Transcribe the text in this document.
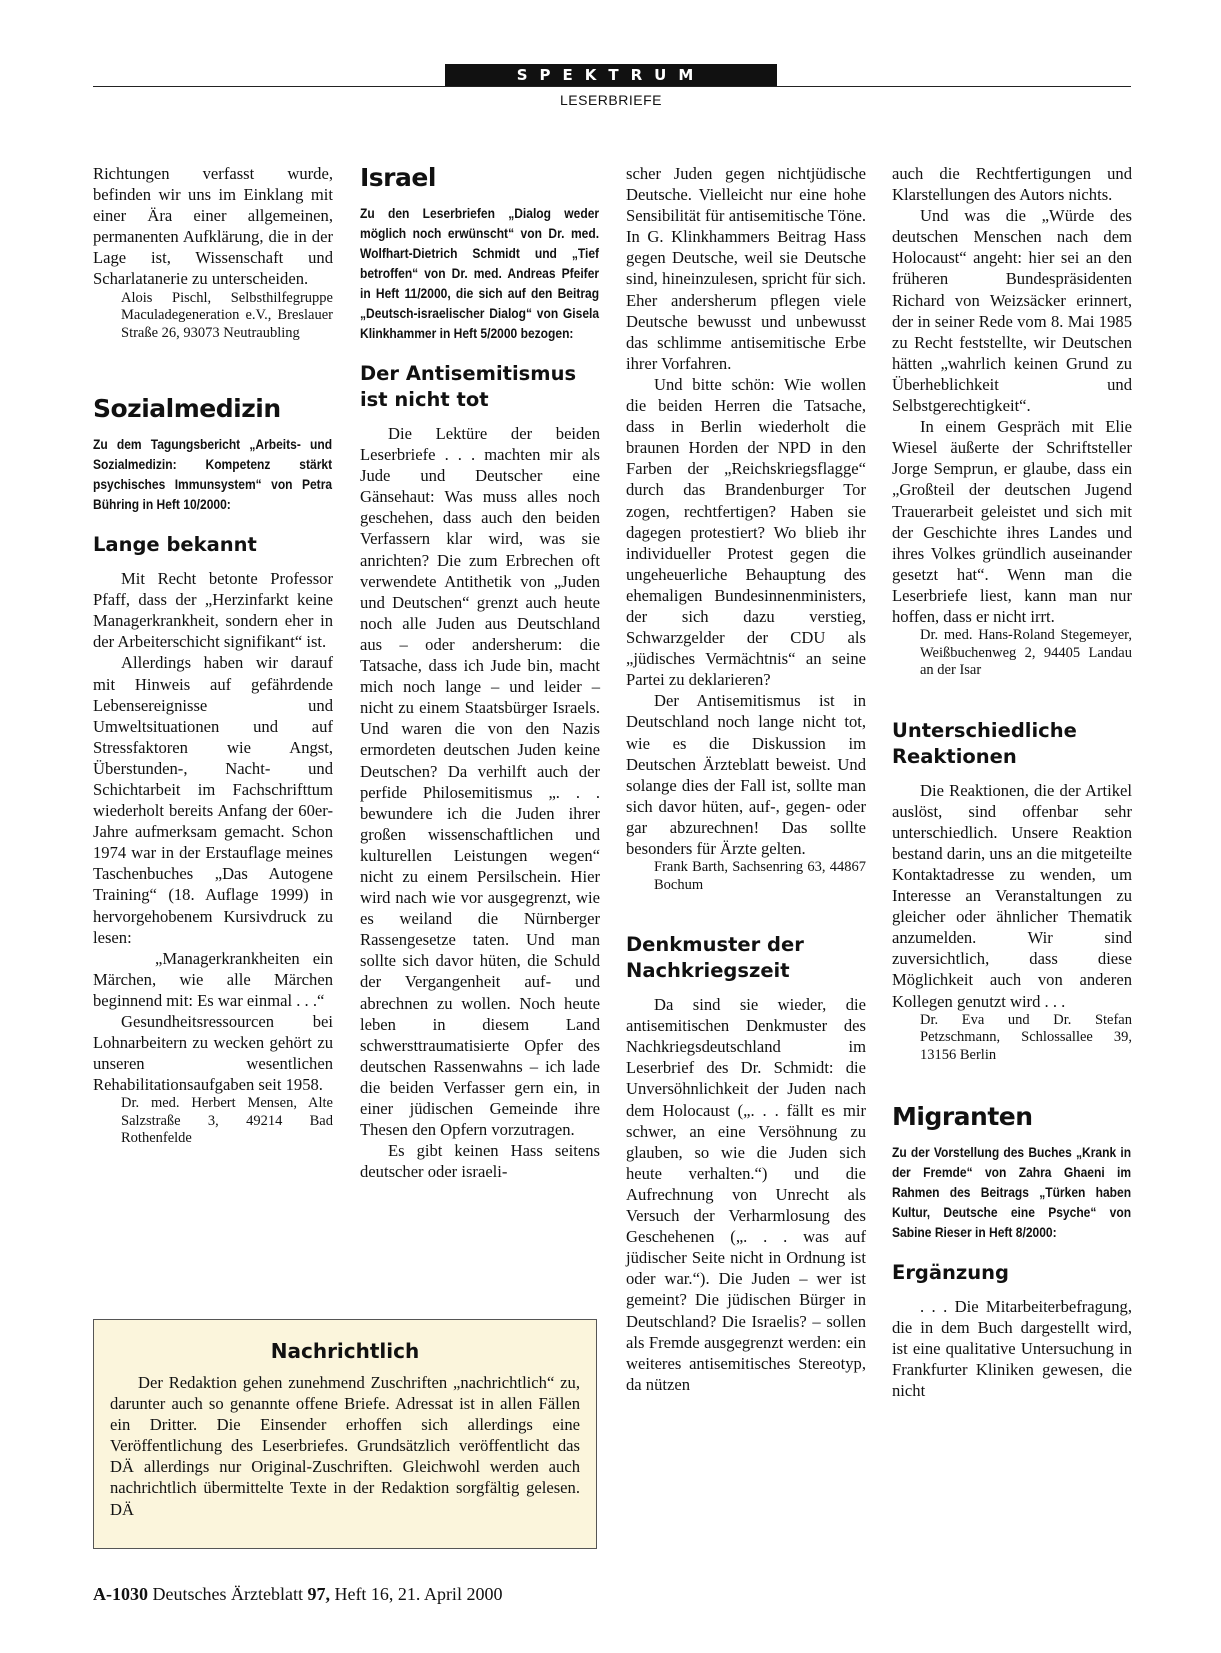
SPEKTRUM
LESERBRIEFE

Richtungen verfasst wurde, befinden wir uns im Einklang mit einer Ära einer allgemeinen, permanenten Aufklärung, die in der Lage ist, Wissenschaft und Scharlatanerie zu unterscheiden.

Alois Pischl, Selbsthilfegruppe Maculadegeneration e.V., Breslauer Straße 26, 93073 Neutraubling

Sozialmedizin
Zu dem Tagungsbericht „Arbeits- und Sozialmedizin: Kompetenz stärkt psychisches Immunsystem“ von Petra Bühring in Heft 10/2000:
Lange bekannt

Mit Recht betonte Professor Pfaff, dass der „Herzinfarkt keine Managerkrankheit, sondern eher in der Arbeiterschicht signifikant“ ist.

Allerdings haben wir darauf mit Hinweis auf gefährdende Lebensereignisse und Umweltsituationen und auf Stressfaktoren wie Angst, Überstunden-, Nacht- und Schichtarbeit im Fachschrifttum wiederholt bereits Anfang der 60er-Jahre aufmerksam gemacht. Schon 1974 war in der Erstauflage meines Taschenbuches „Das Autogene Training“ (18. Auflage 1999) in hervorgehobenem Kursivdruck zu lesen:

„Managerkrankheiten ein Märchen, wie alle Märchen beginnend mit: Es war einmal . . .“

Gesundheitsressourcen bei Lohnarbeitern zu wecken gehört zu unseren wesentlichen Rehabilitationsaufgaben seit 1958.

Dr. med. Herbert Mensen, Alte Salzstraße 3, 49214 Bad Rothenfelde

Israel
Zu den Leserbriefen „Dialog weder möglich noch erwünscht“ von Dr. med. Wolfhart-Dietrich Schmidt und „Tief betroffen“ von Dr. med. Andreas Pfeifer in Heft 11/2000, die sich auf den Beitrag „Deutsch-israelischer Dialog“ von Gisela Klinkhammer in Heft 5/2000 bezogen:
Der Antisemitismus ist nicht tot

Die Lektüre der beiden Leserbriefe . . . machten mir als Jude und Deutscher eine Gänsehaut: Was muss alles noch geschehen, dass auch den beiden Verfassern klar wird, was sie anrichten? Die zum Erbrechen oft verwendete Antithetik von „Juden und Deutschen“ grenzt auch heute noch alle Juden aus Deutschland aus – oder andersherum: die Tatsache, dass ich Jude bin, macht mich noch lange – und leider – nicht zu einem Staatsbürger Israels. Und waren die von den Nazis ermordeten deutschen Juden keine Deutschen? Da verhilft auch der perfide Philosemitismus „. . . bewundere ich die Juden ihrer großen wissenschaftlichen und kulturellen Leistungen wegen“ nicht zu einem Persilschein. Hier wird nach wie vor ausgegrenzt, wie es weiland die Nürnberger Rassengesetze taten. Und man sollte sich davor hüten, die Schuld der Vergangenheit auf- und abrechnen zu wollen. Noch heute leben in diesem Land schwersttraumatisierte Opfer des deutschen Rassenwahns – ich lade die beiden Verfasser gern ein, in einer jüdischen Gemeinde ihre Thesen den Opfern vorzutragen.

Es gibt keinen Hass seitens deutscher oder israeli-

scher Juden gegen nichtjüdische Deutsche. Vielleicht nur eine hohe Sensibilität für antisemitische Töne. In G. Klinkhammers Beitrag Hass gegen Deutsche, weil sie Deutsche sind, hineinzulesen, spricht für sich. Eher andersherum pflegen viele Deutsche bewusst und unbewusst das schlimme antisemitische Erbe ihrer Vorfahren.

Und bitte schön: Wie wollen die beiden Herren die Tatsache, dass in Berlin wiederholt die braunen Horden der NPD in den Farben der „Reichskriegsflagge“ durch das Brandenburger Tor zogen, rechtfertigen? Haben sie dagegen protestiert? Wo blieb ihr individueller Protest gegen die ungeheuerliche Behauptung des ehemaligen Bundesinnenministers, der sich dazu verstieg, Schwarzgelder der CDU als „jüdisches Vermächtnis“ an seine Partei zu deklarieren?

Der Antisemitismus ist in Deutschland noch lange nicht tot, wie es die Diskussion im Deutschen Ärzteblatt beweist. Und solange dies der Fall ist, sollte man sich davor hüten, auf-, gegen- oder gar abzurechnen! Das sollte besonders für Ärzte gelten.

Frank Barth, Sachsenring 63, 44867 Bochum

Denkmuster der Nachkriegszeit

Da sind sie wieder, die antisemitischen Denkmuster des Nachkriegsdeutschland im Leserbrief des Dr. Schmidt: die Unversöhnlichkeit der Juden nach dem Holocaust („. . . fällt es mir schwer, an eine Versöhnung zu glauben, so wie die Juden sich heute verhalten.“) und die Aufrechnung von Unrecht als Versuch der Verharmlosung des Geschehenen („. . . was auf jüdischer Seite nicht in Ordnung ist oder war.“). Die Juden – wer ist gemeint? Die jüdischen Bürger in Deutschland? Die Israelis? – sollen als Fremde ausgegrenzt werden: ein weiteres antisemitisches Stereotyp, da nützen

auch die Rechtfertigungen und Klarstellungen des Autors nichts.

Und was die „Würde des deutschen Menschen nach dem Holocaust“ angeht: hier sei an den früheren Bundespräsidenten Richard von Weizsäcker erinnert, der in seiner Rede vom 8. Mai 1985 zu Recht feststellte, wir Deutschen hätten „wahrlich keinen Grund zu Überheblichkeit und Selbstgerechtigkeit“.

In einem Gespräch mit Elie Wiesel äußerte der Schriftsteller Jorge Semprun, er glaube, dass ein „Großteil der deutschen Jugend Trauerarbeit geleistet und sich mit der Geschichte ihres Landes und ihres Volkes gründlich auseinander gesetzt hat“. Wenn man die Leserbriefe liest, kann man nur hoffen, dass er nicht irrt.

Dr. med. Hans-Roland Stegemeyer, Weißbuchenweg 2, 94405 Landau an der Isar

Unterschiedliche Reaktionen

Die Reaktionen, die der Artikel auslöst, sind offenbar sehr unterschiedlich. Unsere Reaktion bestand darin, uns an die mitgeteilte Kontaktadresse zu wenden, um Interesse an Veranstaltungen zu gleicher oder ähnlicher Thematik anzumelden. Wir sind zuversichtlich, dass diese Möglichkeit auch von anderen Kollegen genutzt wird . . .

Dr. Eva und Dr. Stefan Petzschmann, Schlossallee 39, 13156 Berlin

Migranten
Zu der Vorstellung des Buches „Krank in der Fremde“ von Zahra Ghaeni im Rahmen des Beitrags „Türken haben Kultur, Deutsche eine Psyche“ von Sabine Rieser in Heft 8/2000:
Ergänzung

. . . Die Mitarbeiterbefragung, die in dem Buch dargestellt wird, ist eine qualitative Untersuchung in Frankfurter Kliniken gewesen, die nicht

Nachrichtlich

Der Redaktion gehen zunehmend Zuschriften „nachrichtlich“ zu, darunter auch so genannte offene Briefe. Adressat ist in allen Fällen ein Dritter. Die Einsender erhoffen sich allerdings eine Veröffentlichung des Leserbriefes. Grundsätzlich veröffentlicht das DÄ allerdings nur Original-Zuschriften. Gleichwohl werden auch nachrichtlich übermittelte Texte in der Redaktion sorgfältig gelesen. DÄ

A-1030 Deutsches Ärzteblatt 97, Heft 16, 21. April 2000
